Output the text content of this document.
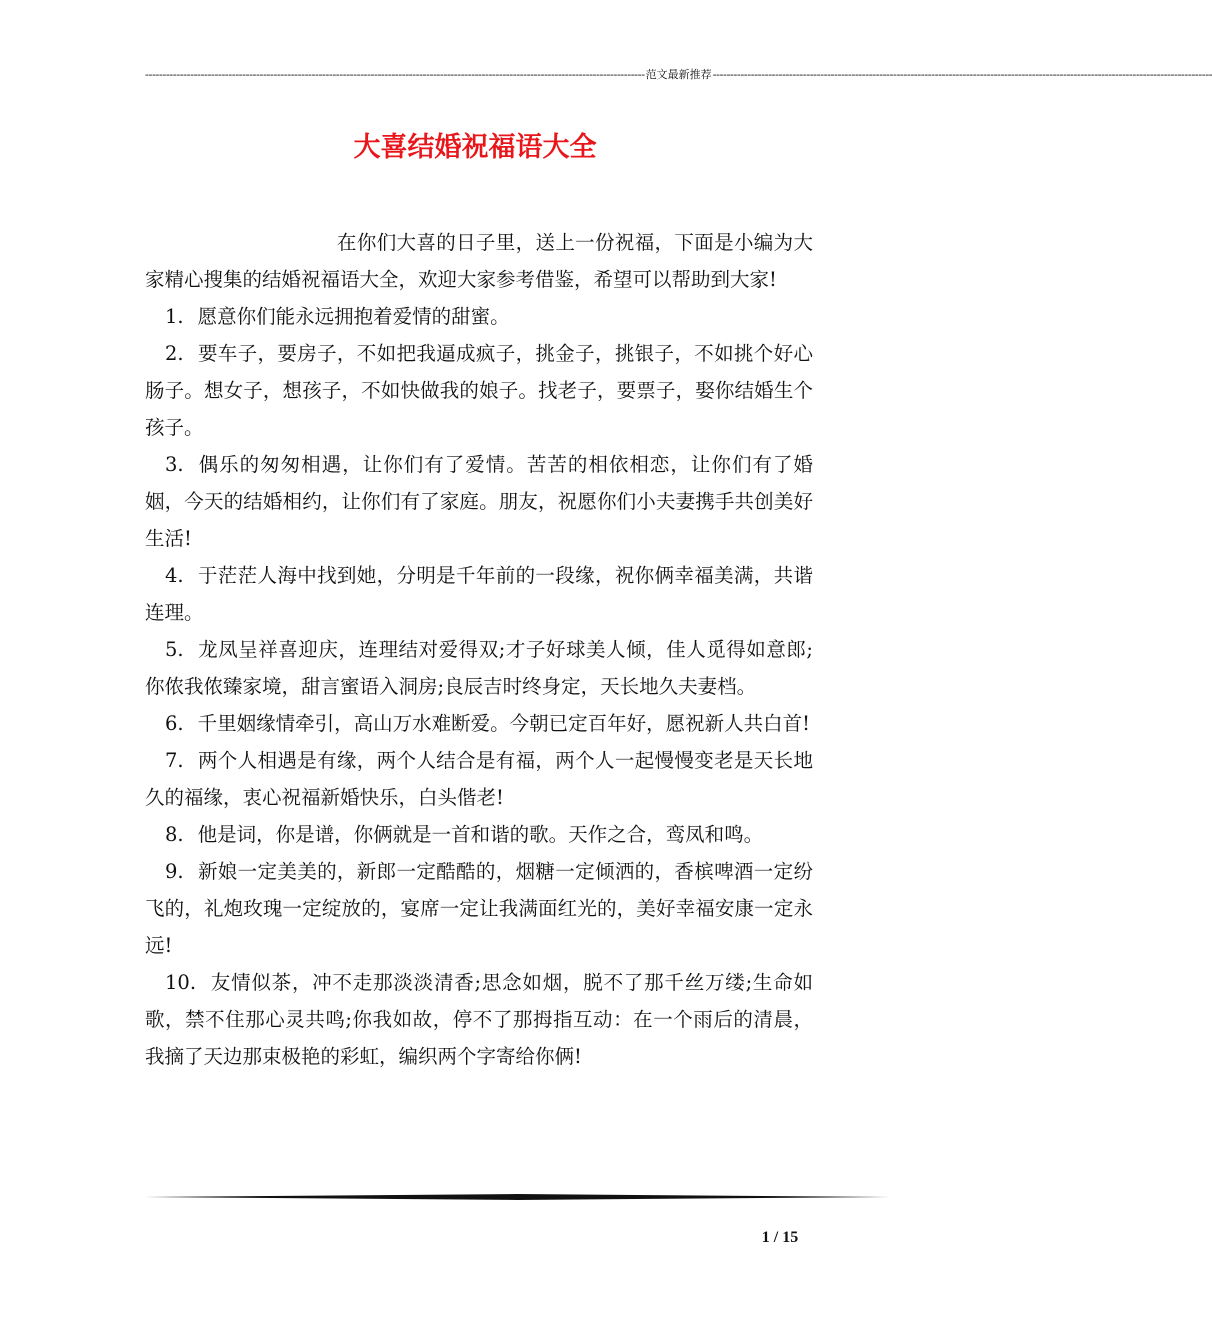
------------------------------------------------------------------------------------------------------------------------------------------------ 范文最新推荐 ------------------------------------------------------------------------------------------------------------------------------------------------
大喜结婚祝福语大全

在你们大喜的日子里，送上一份祝福，下面是小编为大家精心搜集的结婚祝福语大全，欢迎大家参考借鉴，希望可以帮助到大家!

1. 愿意你们能永远拥抱着爱情的甜蜜。

2. 要车子，要房子，不如把我逼成疯子，挑金子，挑银子，不如挑个好心肠子。想女子，想孩子，不如快做我的娘子。找老子，要票子，娶你结婚生个孩子。

3. 偶乐的匆匆相遇，让你们有了爱情。苦苦的相依相恋，让你们有了婚姻，今天的结婚相约，让你们有了家庭。朋友，祝愿你们小夫妻携手共创美好生活!

4. 于茫茫人海中找到她，分明是千年前的一段缘，祝你俩幸福美满，共谐连理。

5. 龙凤呈祥喜迎庆，连理结对爱得双;才子好球美人倾，佳人觅得如意郎;你侬我侬臻家境，甜言蜜语入洞房;良辰吉时终身定，天长地久夫妻档。

6. 千里姻缘情牵引，高山万水难断爱。今朝已定百年好，愿祝新人共白首!

7. 两个人相遇是有缘，两个人结合是有福，两个人一起慢慢变老是天长地久的福缘，衷心祝福新婚快乐，白头偕老!

8. 他是词，你是谱，你俩就是一首和谐的歌。天作之合，鸾凤和鸣。

9. 新娘一定美美的，新郎一定酷酷的，烟糖一定倾洒的，香槟啤酒一定纷飞的，礼炮玫瑰一定绽放的，宴席一定让我满面红光的，美好幸福安康一定永远!

10. 友情似茶，冲不走那淡淡清香;思念如烟，脱不了那千丝万缕;生命如歌，禁不住那心灵共鸣;你我如故，停不了那拇指互动：在一个雨后的清晨，我摘了天边那束极艳的彩虹，编织两个字寄给你俩!

1 / 15
